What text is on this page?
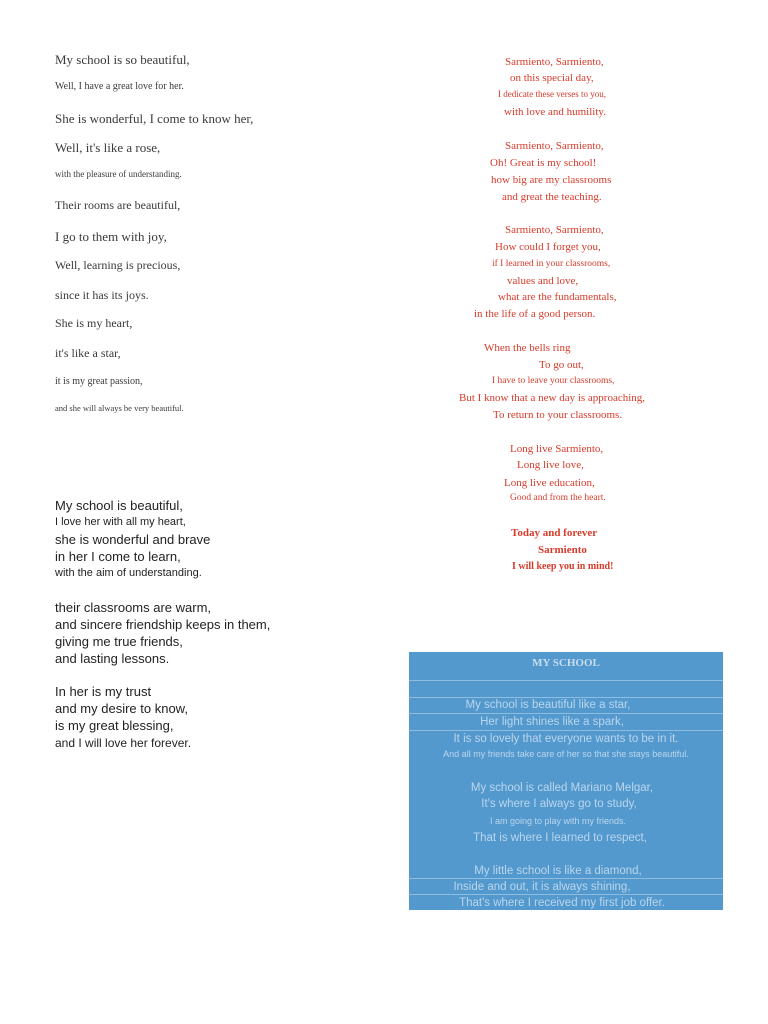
My school is so beautiful,
Well, I have a great love for her.
She is wonderful, I come to know her,
Well, it's like a rose,
with the pleasure of understanding.
Their rooms are beautiful,
I go to them with joy,
Well, learning is precious,
since it has its joys.
She is my heart,
it's like a star,
it is my great passion,
and she will always be very beautiful.
Sarmiento, Sarmiento,
on this special day,
I dedicate these verses to you,
with love and humility.
Sarmiento, Sarmiento,
Oh! Great is my school!
how big are my classrooms
and great the teaching.
Sarmiento, Sarmiento,
How could I forget you,
if I learned in your classrooms,
values and love,
what are the fundamentals,
in the life of a good person.
When the bells ring
To go out,
I have to leave your classrooms,
But I know that a new day is approaching,
To return to your classrooms.
Long live Sarmiento,
Long live love,
Long live education,
Good and from the heart.
Today and forever
Sarmiento
I will keep you in mind!
My school is beautiful,
I love her with all my heart,
she is wonderful and brave
in her I come to learn,
with the aim of understanding.
their classrooms are warm,
and sincere friendship keeps in them,
giving me true friends,
and lasting lessons.
In her is my trust
and my desire to know,
is my great blessing,
and I will love her forever.
MY SCHOOL
My school is beautiful like a star,
Her light shines like a spark,
It is so lovely that everyone wants to be in it.
And all my friends take care of her so that she stays beautiful.
My school is called Mariano Melgar,
It's where I always go to study,
I am going to play with my friends.
That is where I learned to respect,
My little school is like a diamond,
Inside and out, it is always shining,
That's where I received my first job offer.
